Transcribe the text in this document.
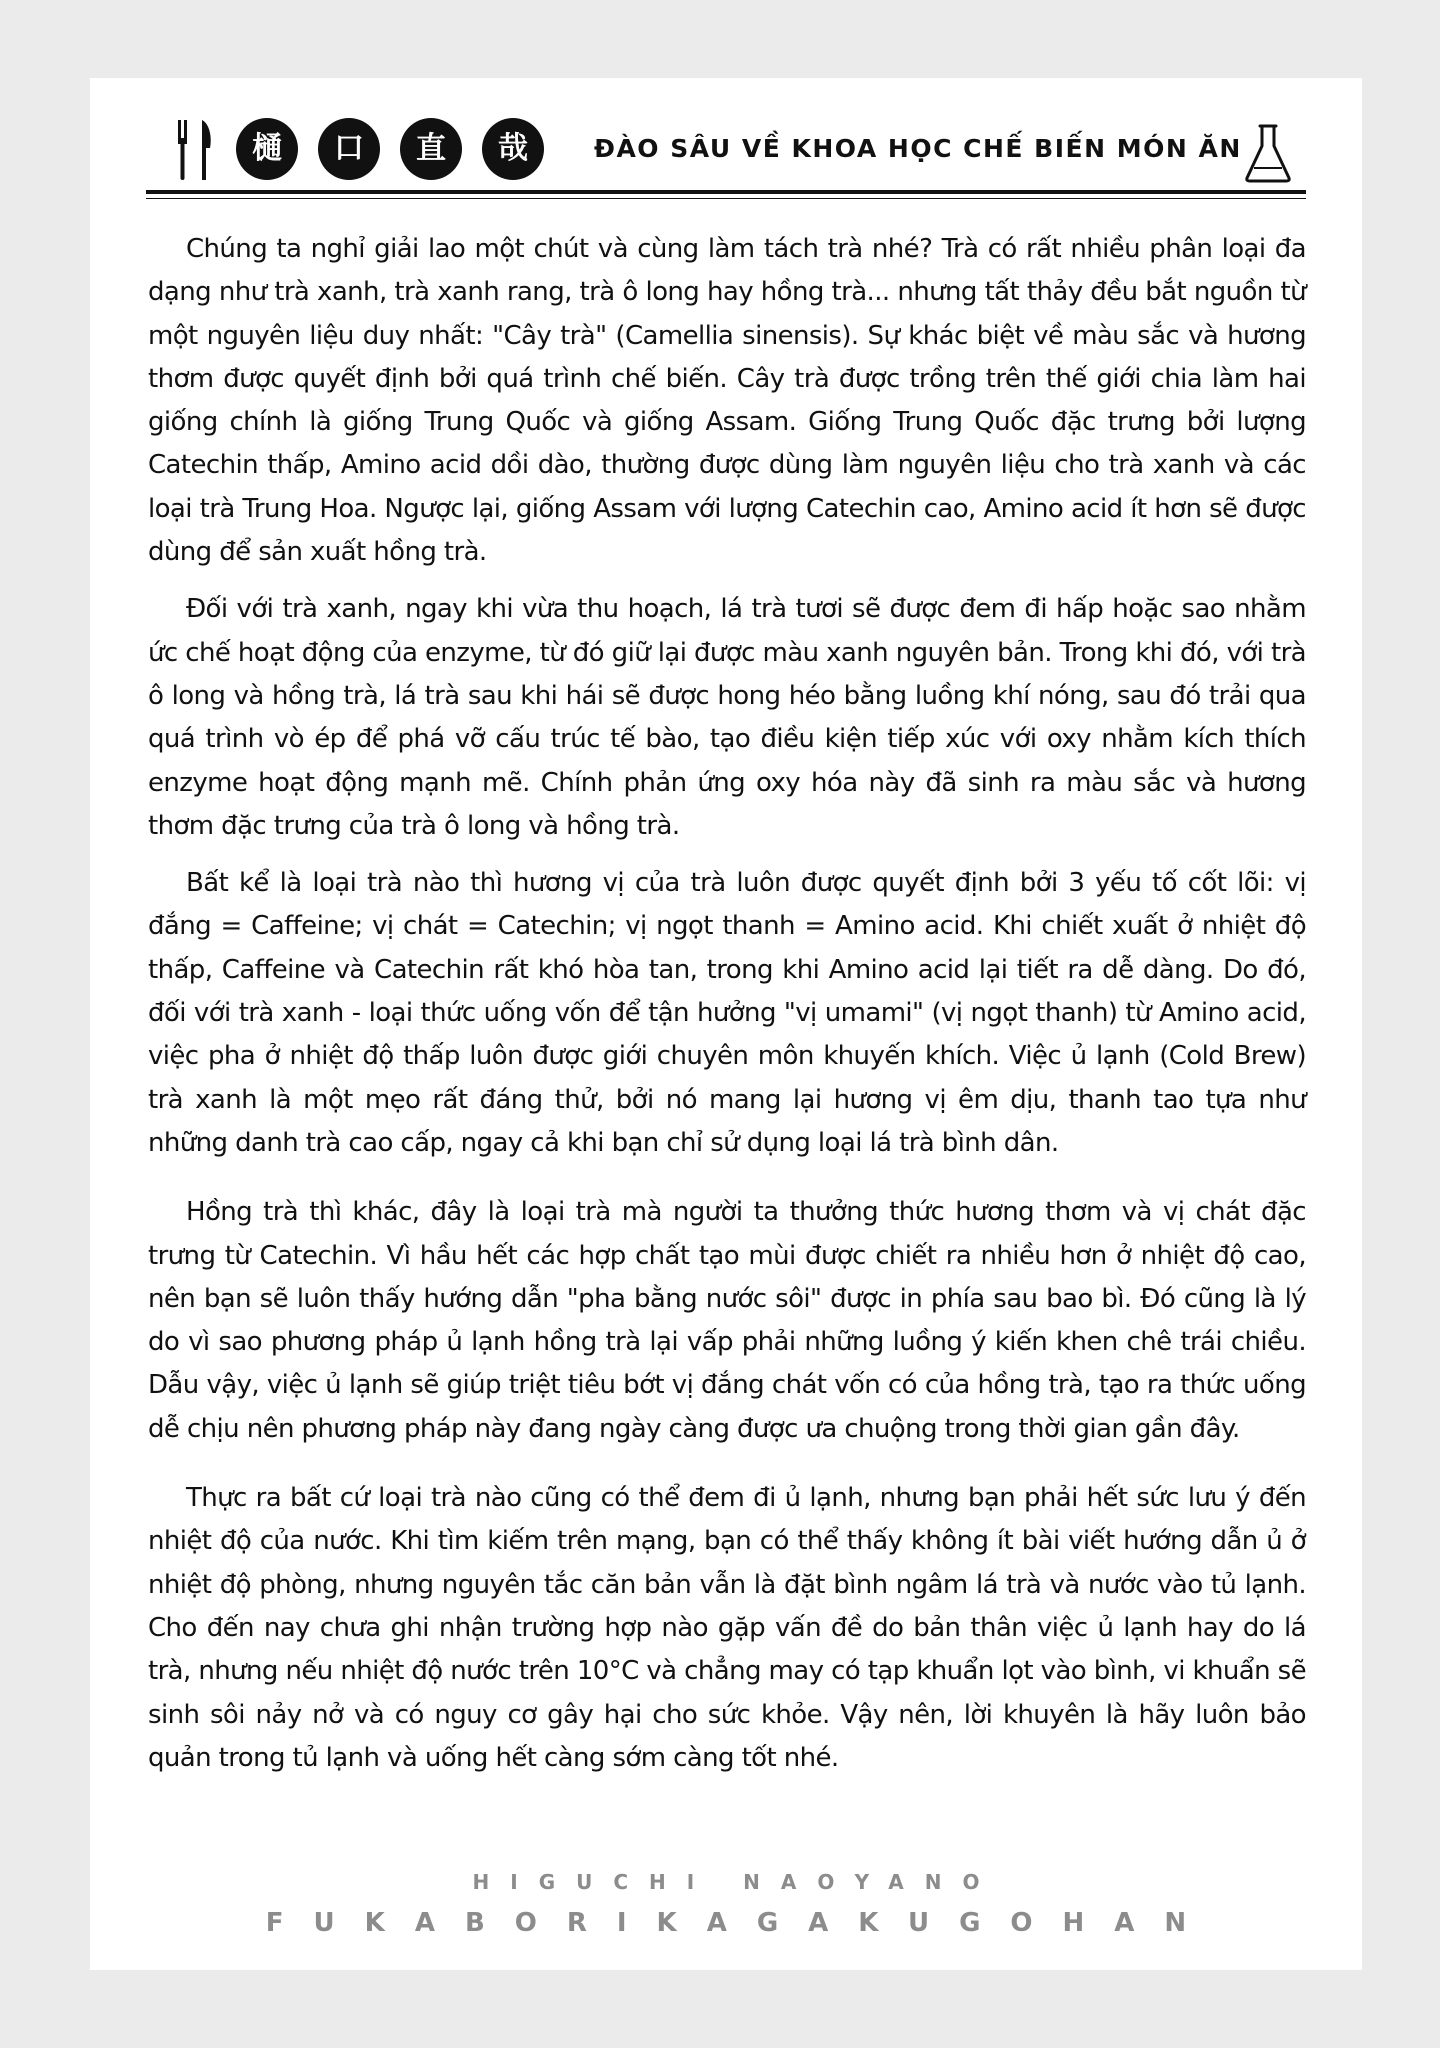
樋	口	直	哉	ĐÀO SÂU VỀ KHOA HỌC CHẾ BIẾN MÓN ĂN

Chúng ta nghỉ giải lao một chút và cùng làm tách trà nhé? Trà có rất nhiều phân loại đa dạng như trà xanh, trà xanh rang, trà ô long hay hồng trà... nhưng tất thảy đều bắt nguồn từ một nguyên liệu duy nhất: "Cây trà" (Camellia sinensis). Sự khác biệt về màu sắc và hương thơm được quyết định bởi quá trình chế biến. Cây trà được trồng trên thế giới chia làm hai giống chính là giống Trung Quốc và giống Assam. Giống Trung Quốc đặc trưng bởi lượng Catechin thấp, Amino acid dồi dào, thường được dùng làm nguyên liệu cho trà xanh và các loại trà Trung Hoa. Ngược lại, giống Assam với lượng Catechin cao, Amino acid ít hơn sẽ được dùng để sản xuất hồng trà.

Đối với trà xanh, ngay khi vừa thu hoạch, lá trà tươi sẽ được đem đi hấp hoặc sao nhằm ức chế hoạt động của enzyme, từ đó giữ lại được màu xanh nguyên bản. Trong khi đó, với trà ô long và hồng trà, lá trà sau khi hái sẽ được hong héo bằng luồng khí nóng, sau đó trải qua quá trình vò ép để phá vỡ cấu trúc tế bào, tạo điều kiện tiếp xúc với oxy nhằm kích thích enzyme hoạt động mạnh mẽ. Chính phản ứng oxy hóa này đã sinh ra màu sắc và hương thơm đặc trưng của trà ô long và hồng trà.

Bất kể là loại trà nào thì hương vị của trà luôn được quyết định bởi 3 yếu tố cốt lõi: vị đắng = Caffeine; vị chát = Catechin; vị ngọt thanh = Amino acid. Khi chiết xuất ở nhiệt độ thấp, Caffeine và Catechin rất khó hòa tan, trong khi Amino acid lại tiết ra dễ dàng. Do đó, đối với trà xanh - loại thức uống vốn để tận hưởng "vị umami" (vị ngọt thanh) từ Amino acid, việc pha ở nhiệt độ thấp luôn được giới chuyên môn khuyến khích. Việc ủ lạnh (Cold Brew) trà xanh là một mẹo rất đáng thử, bởi nó mang lại hương vị êm dịu, thanh tao tựa như những danh trà cao cấp, ngay cả khi bạn chỉ sử dụng loại lá trà bình dân.

Hồng trà thì khác, đây là loại trà mà người ta thưởng thức hương thơm và vị chát đặc trưng từ Catechin. Vì hầu hết các hợp chất tạo mùi được chiết ra nhiều hơn ở nhiệt độ cao, nên bạn sẽ luôn thấy hướng dẫn "pha bằng nước sôi" được in phía sau bao bì. Đó cũng là lý do vì sao phương pháp ủ lạnh hồng trà lại vấp phải những luồng ý kiến khen chê trái chiều. Dẫu vậy, việc ủ lạnh sẽ giúp triệt tiêu bớt vị đắng chát vốn có của hồng trà, tạo ra thức uống dễ chịu nên phương pháp này đang ngày càng được ưa chuộng trong thời gian gần đây.

Thực ra bất cứ loại trà nào cũng có thể đem đi ủ lạnh, nhưng bạn phải hết sức lưu ý đến nhiệt độ của nước. Khi tìm kiếm trên mạng, bạn có thể thấy không ít bài viết hướng dẫn ủ ở nhiệt độ phòng, nhưng nguyên tắc căn bản vẫn là đặt bình ngâm lá trà và nước vào tủ lạnh. Cho đến nay chưa ghi nhận trường hợp nào gặp vấn đề do bản thân việc ủ lạnh hay do lá trà, nhưng nếu nhiệt độ nước trên 10°C và chẳng may có tạp khuẩn lọt vào bình, vi khuẩn sẽ sinh sôi nảy nở và có nguy cơ gây hại cho sức khỏe. Vậy nên, lời khuyên là hãy luôn bảo quản trong tủ lạnh và uống hết càng sớm càng tốt nhé.

HIGUCHI NAOYANO
FUKABORIKAGAKUGOHAN
